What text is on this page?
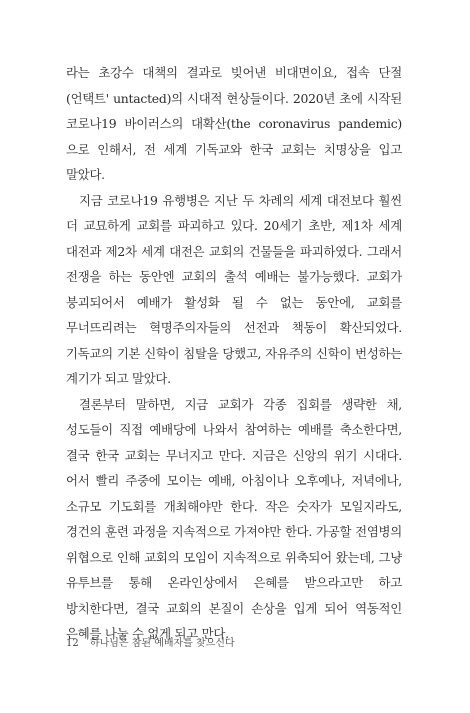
라는 초강수 대책의 결과로 빚어낸 비대면이요, 접속 단절(언택트' untacted)의 시대적 현상들이다. 2020년 초에 시작된 코로나19 바이러스의 대확산(the coronavirus pandemic)으로 인해서, 전 세계 기독교와 한국 교회는 치명상을 입고 말았다.

지금 코로나19 유행병은 지난 두 차례의 세계 대전보다 훨씬 더 교묘하게 교회를 파괴하고 있다. 20세기 초반, 제1차 세계 대전과 제2차 세계 대전은 교회의 건물들을 파괴하였다. 그래서 전쟁을 하는 동안엔 교회의 출석 예배는 불가능했다. 교회가 붕괴되어서 예배가 활성화 될 수 없는 동안에, 교회를 무너뜨리려는 혁명주의자들의 선전과 책동이 확산되었다. 기독교의 기본 신학이 침탈을 당했고, 자유주의 신학이 번성하는 계기가 되고 말았다.

결론부터 말하면, 지금 교회가 각종 집회를 생략한 채, 성도들이 직접 예배당에 나와서 참여하는 예배를 축소한다면, 결국 한국 교회는 무너지고 만다. 지금은 신앙의 위기 시대다. 어서 빨리 주중에 모이는 예배, 아침이나 오후예나, 저녁에나, 소규모 기도회를 개최해야만 한다. 작은 숫자가 모일지라도, 경건의 훈련 과정을 지속적으로 가져야만 한다. 가공할 전염병의 위협으로 인해 교회의 모임이 지속적으로 위축되어 왔는데, 그냥 유투브를 통해 온라인상에서 은혜를 받으라고만 하고 방치한다면, 결국 교회의 본질이 손상을 입게 되어 역동적인 은혜를 나눌 수 없게 되고 만다.

12 하나님은 참된 예배자를 찾으신다
